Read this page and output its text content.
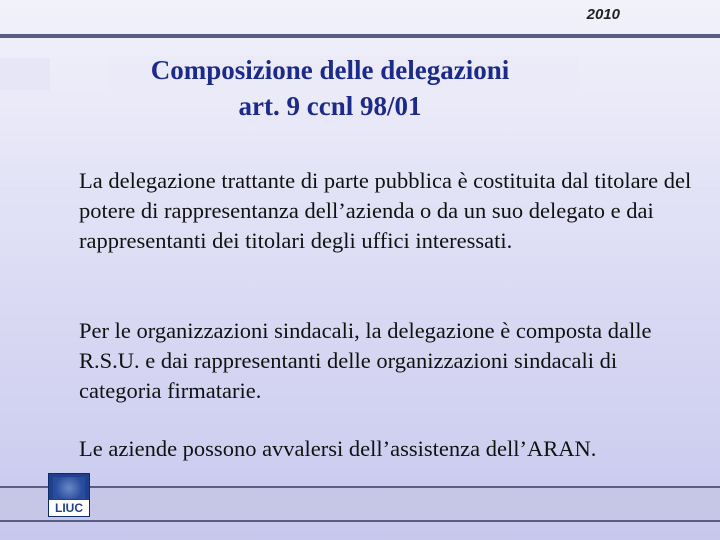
2010
Composizione delle delegazioni
art. 9 ccnl 98/01
La delegazione trattante di parte pubblica è costituita dal titolare del potere di rappresentanza dell’azienda o da un suo delegato e dai rappresentanti dei titolari degli uffici interessati.
Per le organizzazioni sindacali, la delegazione è composta dalle R.S.U. e dai rappresentanti delle organizzazioni sindacali di categoria firmatarie.
LIUC
Le aziende possono avvalersi dell’assistenza dell’ARAN.
